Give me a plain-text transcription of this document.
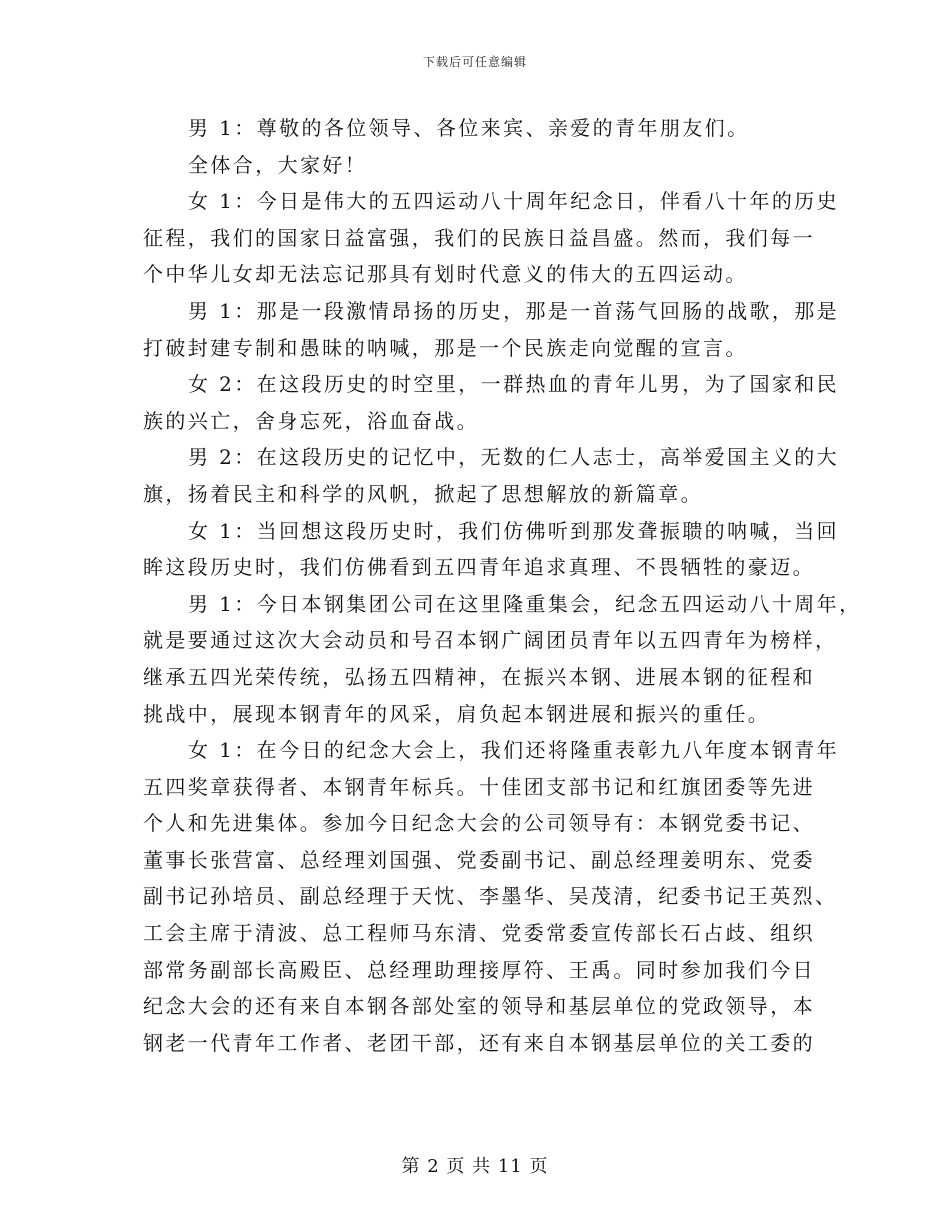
下载后可任意编辑
男 1：尊敬的各位领导、各位来宾、亲爱的青年朋友们。
全体合，大家好！
女 1：今日是伟大的五四运动八十周年纪念日，伴看八十年的历史
征程，我们的国家日益富强，我们的民族日益昌盛。然而，我们每一
个中华儿女却无法忘记那具有划时代意义的伟大的五四运动。
男 1：那是一段激情昂扬的历史，那是一首荡气回肠的战歌，那是
打破封建专制和愚昧的呐喊，那是一个民族走向觉醒的宣言。
女 2：在这段历史的时空里，一群热血的青年儿男，为了国家和民
族的兴亡，舍身忘死，浴血奋战。
男 2：在这段历史的记忆中，无数的仁人志士，高举爱国主义的大
旗，扬着民主和科学的风帆，掀起了思想解放的新篇章。
女 1：当回想这段历史时，我们仿佛听到那发聋振聩的呐喊，当回
眸这段历史时，我们仿佛看到五四青年追求真理、不畏牺牲的豪迈。
男 1：今日本钢集团公司在这里隆重集会，纪念五四运动八十周年，
就是要通过这次大会动员和号召本钢广阔团员青年以五四青年为榜样，
继承五四光荣传统，弘扬五四精神，在振兴本钢、进展本钢的征程和
挑战中，展现本钢青年的风采，肩负起本钢进展和振兴的重任。
女 1：在今日的纪念大会上，我们还将隆重表彰九八年度本钢青年
五四奖章获得者、本钢青年标兵。十佳团支部书记和红旗团委等先进
个人和先进集体。参加今日纪念大会的公司领导有：本钢党委书记、
董事长张营富、总经理刘国强、党委副书记、副总经理姜明东、党委
副书记孙培员、副总经理于天忱、李墨华、吴茂清，纪委书记王英烈、
工会主席于清波、总工程师马东清、党委常委宣传部长石占歧、组织
部常务副部长高殿臣、总经理助理接厚符、王禹。同时参加我们今日
纪念大会的还有来自本钢各部处室的领导和基层单位的党政领导，本
钢老一代青年工作者、老团干部，还有来自本钢基层单位的关工委的
第 2 页 共 11 页
